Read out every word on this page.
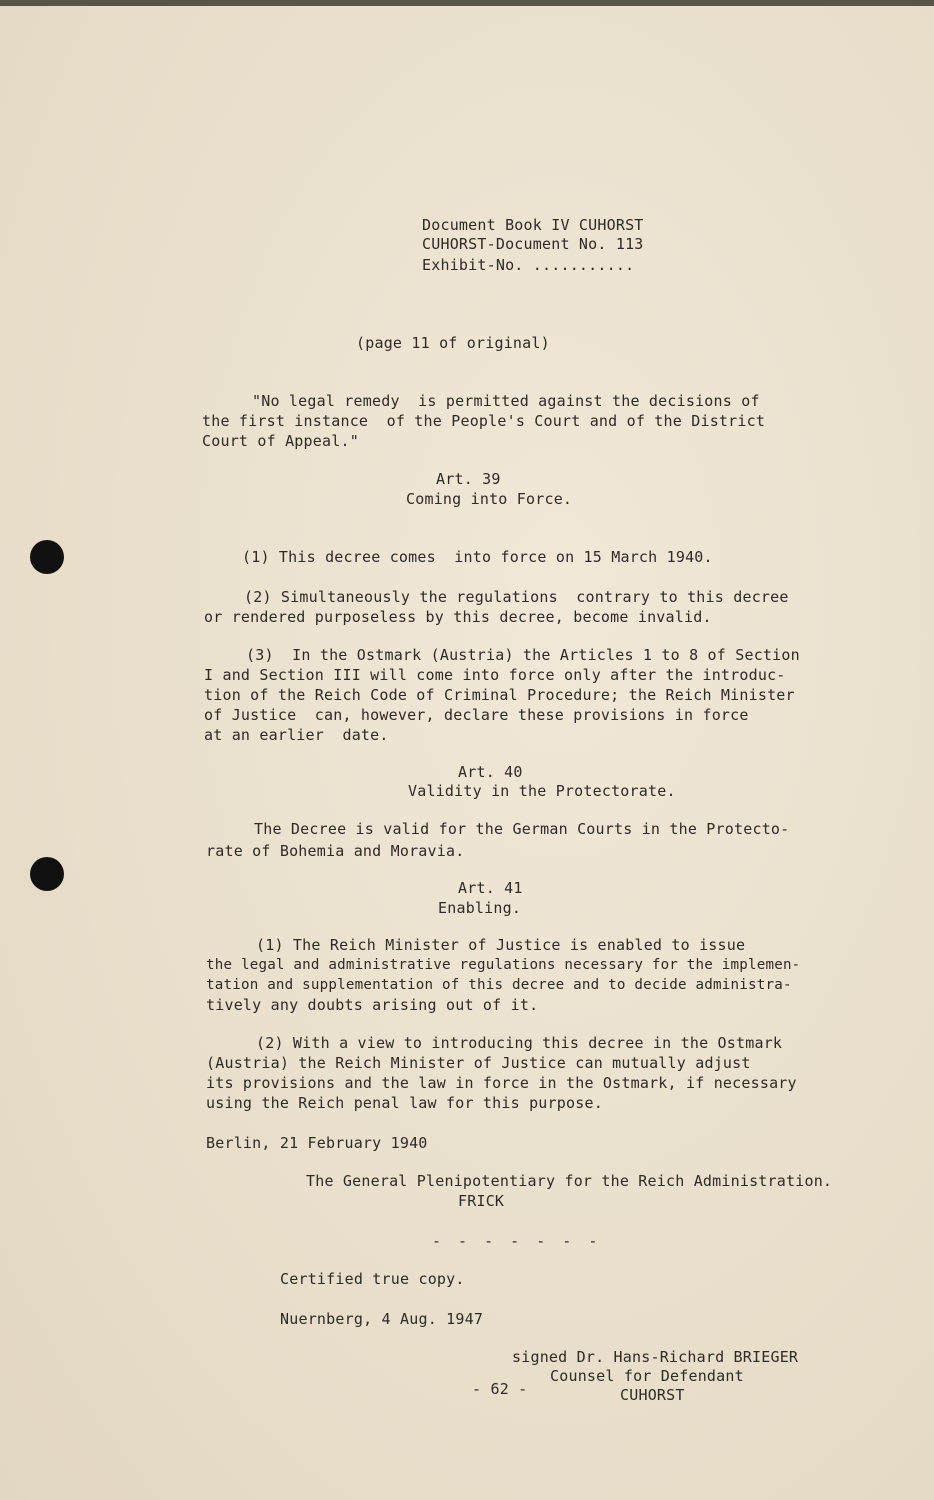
Document Book IV CUHORST
CUHORST-Document No. 113
Exhibit-No. ...........
(page 11 of original)
"No legal remedy  is permitted against the decisions of
the first instance  of the People's Court and of the District
Court of Appeal."
Art. 39
Coming into Force.
(1) This decree comes  into force on 15 March 1940.
(2) Simultaneously the regulations  contrary to this decree
or rendered purposeless by this decree, become invalid.
(3)  In the Ostmark (Austria) the Articles 1 to 8 of Section
I and Section III will come into force only after the introduc-
tion of the Reich Code of Criminal Procedure; the Reich Minister
of Justice  can, however, declare these provisions in force
at an earlier  date.
Art. 40
Validity in the Protectorate.
The Decree is valid for the German Courts in the Protecto-
rate of Bohemia and Moravia.
Art. 41
Enabling.
(1) The Reich Minister of Justice is enabled to issue
the legal and administrative regulations necessary for the implemen-
tation and supplementation of this decree and to decide administra-
tively any doubts arising out of it.
(2) With a view to introducing this decree in the Ostmark
(Austria) the Reich Minister of Justice can mutually adjust
its provisions and the law in force in the Ostmark, if necessary
using the Reich penal law for this purpose.
Berlin, 21 February 1940
The General Plenipotentiary for the Reich Administration.
FRICK
- - - - - - -
Certified true copy.
Nuernberg, 4 Aug. 1947
signed Dr. Hans-Richard BRIEGER
Counsel for Defendant
CUHORST
- 62 -
